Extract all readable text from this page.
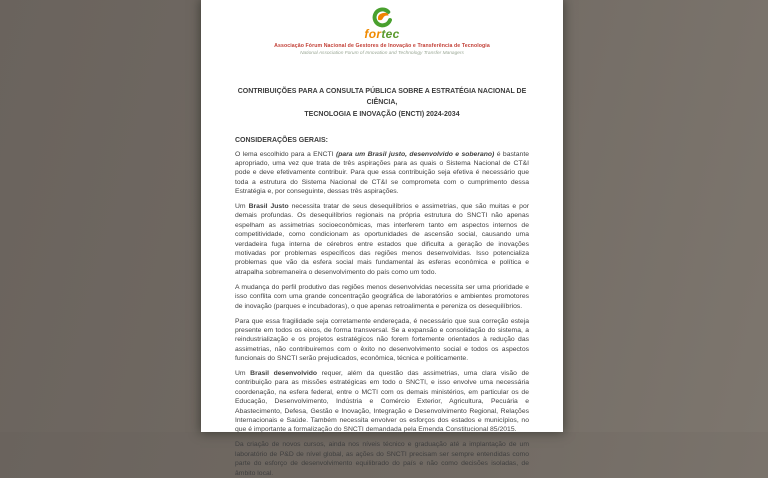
fortec
Associação Fórum Nacional de Gestores de Inovação e Transferência de Tecnologia
National Association Forum of Innovation and Technology Transfer Managers
CONTRIBUIÇÕES PARA A CONSULTA PÚBLICA SOBRE A ESTRATÉGIA NACIONAL DE CIÊNCIA,
TECNOLOGIA E INOVAÇÃO (ENCTI) 2024-2034
CONSIDERAÇÕES GERAIS:

O lema escolhido para a ENCTI (para um Brasil justo, desenvolvido e soberano) é bastante apropriado, uma vez que trata de três aspirações para as quais o Sistema Nacional de CT&I pode e deve efetivamente contribuir. Para que essa contribuição seja efetiva é necessário que toda a estrutura do Sistema Nacional de CT&I se comprometa com o cumprimento dessa Estratégia e, por conseguinte, dessas três aspirações.

Um Brasil Justo necessita tratar de seus desequilíbrios e assimetrias, que são muitas e por demais profundas. Os desequilíbrios regionais na própria estrutura do SNCTI não apenas espelham as assimetrias socioeconômicas, mas interferem tanto em aspectos internos de competitividade, como condicionam as oportunidades de ascensão social, causando uma verdadeira fuga interna de cérebros entre estados que dificulta a geração de inovações motivadas por problemas específicos das regiões menos desenvolvidas. Isso potencializa problemas que vão da esfera social mais fundamental às esferas econômica e política e atrapalha sobremaneira o desenvolvimento do país como um todo.

A mudança do perfil produtivo das regiões menos desenvolvidas necessita ser uma prioridade e isso conflita com uma grande concentração geográfica de laboratórios e ambientes promotores de inovação (parques e incubadoras), o que apenas retroalimenta e pereniza os desequilíbrios.

Para que essa fragilidade seja corretamente endereçada, é necessário que sua correção esteja presente em todos os eixos, de forma transversal. Se a expansão e consolidação do sistema, a reindustrialização e os projetos estratégicos não forem fortemente orientados à redução das assimetrias, não contribuiremos com o êxito no desenvolvimento social e todos os aspectos funcionais do SNCTI serão prejudicados, econômica, técnica e politicamente.

Um Brasil desenvolvido requer, além da questão das assimetrias, uma clara visão de contribuição para as missões estratégicas em todo o SNCTI, e isso envolve uma necessária coordenação, na esfera federal, entre o MCTI com os demais ministérios, em particular os de Educação, Desenvolvimento, Indústria e Comércio Exterior, Agricultura, Pecuária e Abastecimento, Defesa, Gestão e Inovação, Integração e Desenvolvimento Regional, Relações Internacionais e Saúde. Também necessita envolver os esforços dos estados e municípios, no que é importante a formalização do SNCTI demandada pela Emenda Constitucional 85/2015.

Da criação de novos cursos, ainda nos níveis técnico e graduação até a implantação de um laboratório de P&D de nível global, as ações do SNCTI precisam ser sempre entendidas como parte do esforço de desenvolvimento equilibrado do país e não como decisões isoladas, de âmbito local.
